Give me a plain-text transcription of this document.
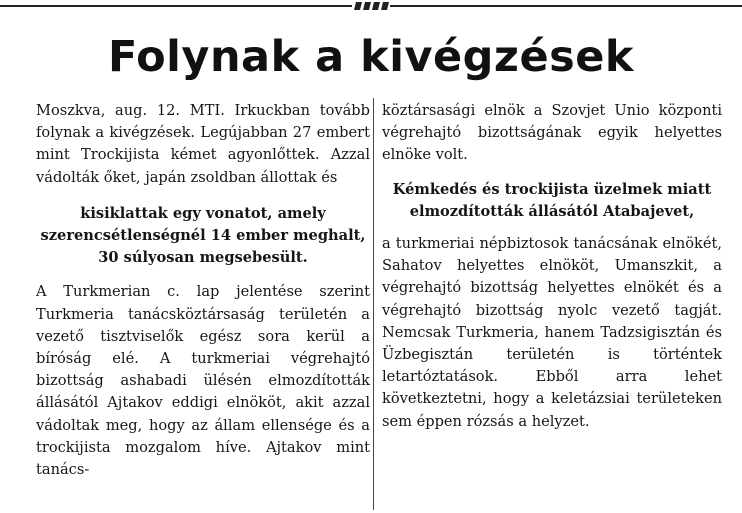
Folynak a kivégzések

Moszkva, aug. 12. MTI. Irkuckban tovább folynak a kivégzések. Legújabban 27 embert mint Trockijista kémet agyonlőttek. Azzal vádolták őket, japán zsoldban állottak és

kisiklattak egy vonatot, amely szerencsétlenségnél 14 ember meghalt, 30 súlyosan megsebesült.

A Turkmerian c. lap jelentése szerint Turkmeria tanácsköztársaság területén a vezető tisztviselők egész sora kerül a bíróság elé. A turkmeriai végrehajtó bizottság ashabadi ülésén elmozdították állásától Ajtakov eddigi elnököt, akit azzal vádoltak meg, hogy az állam ellensége és a trockijista mozgalom híve. Ajtakov mint tanács-

köztársasági elnök a Szovjet Unio központi végrehajtó bizottságának egyik helyettes elnöke volt.

Kémkedés és trockijista üzelmek miatt elmozdították állásától Atabajevet,

a turkmeriai népbiztosok tanácsának elnökét, Sahatov helyettes elnököt, Umanszkit, a végrehajtó bizottság helyettes elnökét és a végrehajtó bizottság nyolc vezető tagját. Nemcsak Turkmeria, hanem Tadzsigisztán és Üzbegisztán területén is történtek letartóztatások. Ebből arra lehet következtetni, hogy a keletázsiai területeken sem éppen rózsás a helyzet.
